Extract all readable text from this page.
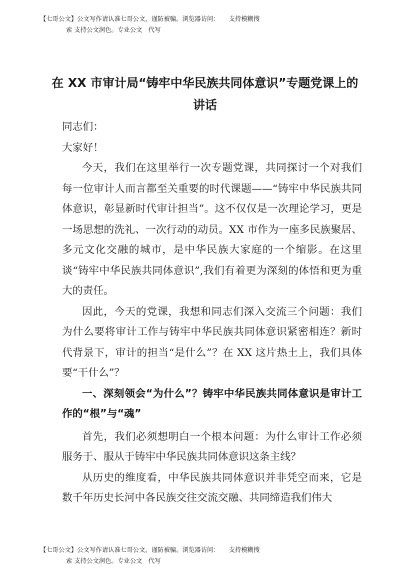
【七哥公文】公文写作请认准七哥公文，谨防被骗。浏览器访问：　　支持模糊搜
索 支持公文润色。专业公文　代写
在 XX 市审计局“铸牢中华民族共同体意识”专题党课上的讲话

同志们：

大家好！

今天，我们在这里举行一次专题党课，共同探讨一个对我们每一位审计人而言都至关重要的时代课题——“铸牢中华民族共同体意识，彰显新时代审计担当”。这不仅仅是一次理论学习，更是一场思想的洗礼、一次行动的动员。XX 市作为一座多民族聚居、多元文化交融的城市，是中华民族大家庭的一个缩影。在这里谈“铸牢中华民族共同体意识”,我们有着更为深刻的体悟和更为重大的责任。

因此，今天的党课，我想和同志们深入交流三个问题：我们为什么要将审计工作与铸牢中华民族共同体意识紧密相连？新时代背景下，审计的担当“是什么”？在 XX 这片热土上，我们具体要“干什么”？

一、深刻领会“为什么”？铸牢中华民族共同体意识是审计工作的“根”与“魂”

首先，我们必须想明白一个根本问题：为什么审计工作必须服务于、服从于铸牢中华民族共同体意识这条主线？

从历史的维度看，中华民族共同体意识并非凭空而来，它是数千年历史长河中各民族交往交流交融、共同缔造我们伟大

【七哥公文】公文写作请认准七哥公文，谨防被骗。浏览器访问：　　支持模糊搜
索 支持公文润色。专业公文　代写
